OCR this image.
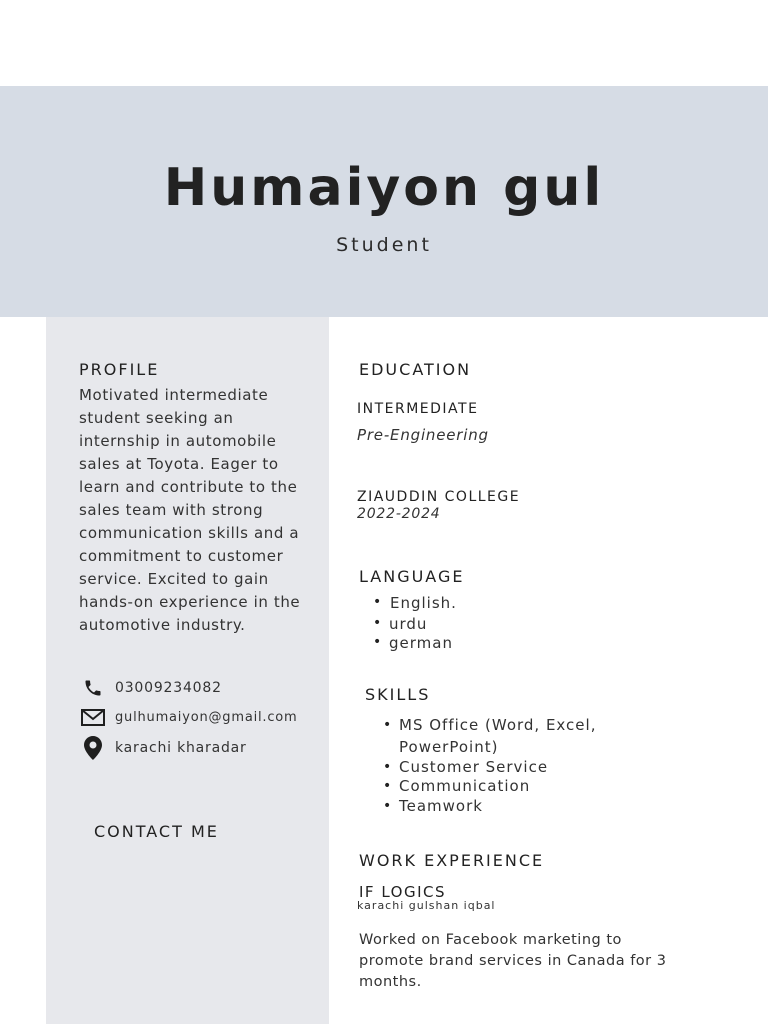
Humaiyon gul
Student
PROFILE
Motivated intermediate student seeking an internship in automobile sales at Toyota. Eager to learn and contribute to the sales team with strong communication skills and a commitment to customer service. Excited to gain hands-on experience in the automotive industry.
03009234082
gulhumaiyon@gmail.com
karachi kharadar
CONTACT ME
EDUCATION
INTERMEDIATE
Pre-Engineering
ZIAUDDIN COLLEGE
2022-2024
LANGUAGE
• English.
• urdu
• german
SKILLS
• MS Office (Word, Excel, PowerPoint)
• Customer Service
• Communication
• Teamwork
WORK EXPERIENCE
IF LOGICS
karachi gulshan iqbal
Worked on Facebook marketing to promote brand services in Canada for 3 months.
